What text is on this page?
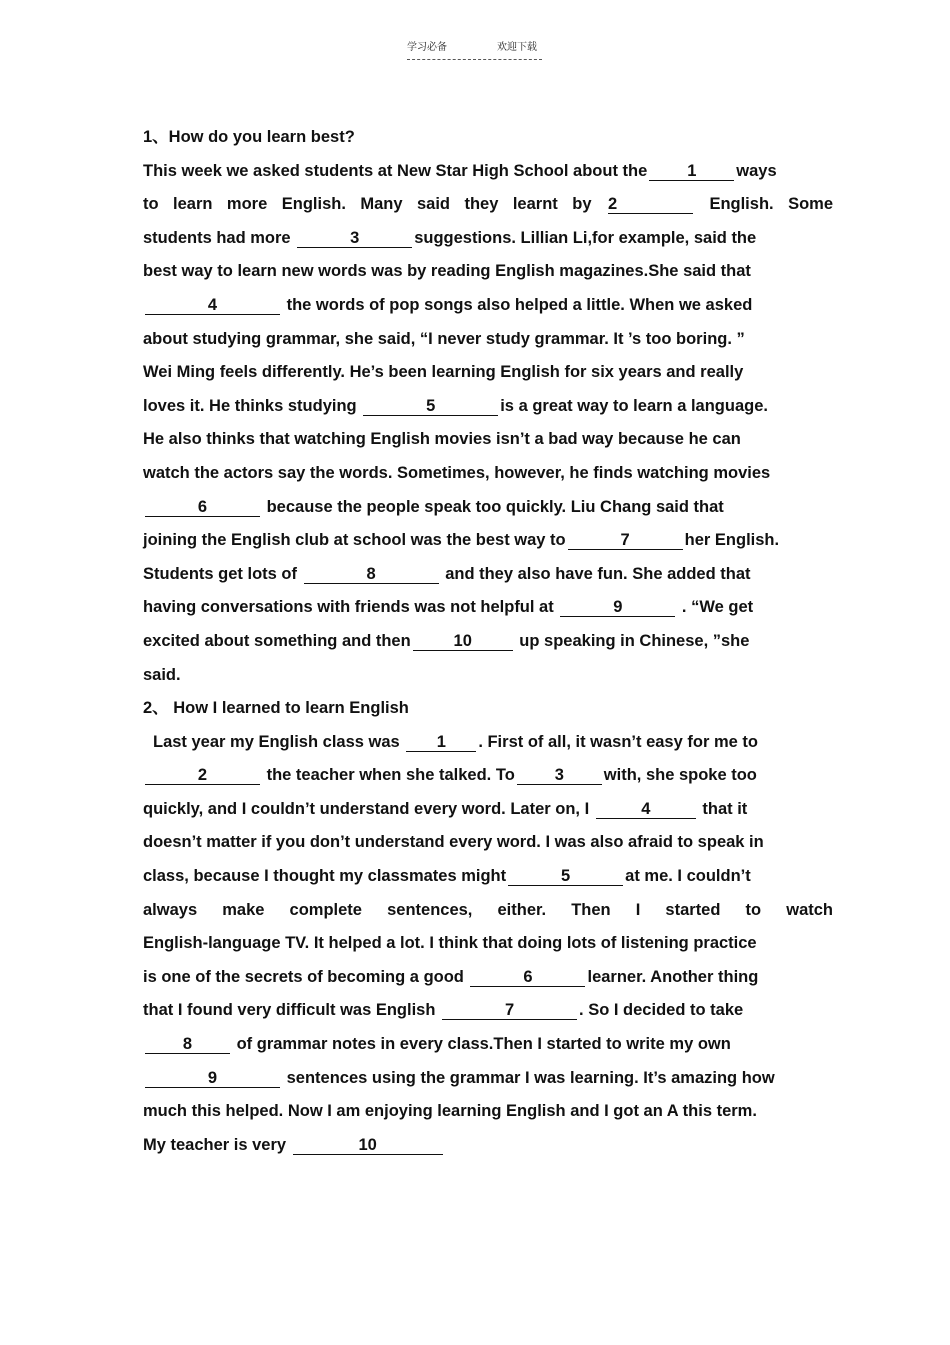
学习必备	欢迎下载
1、How do you learn best?
This week we asked students at New Star High School about the 1 ways
to learn more English. Many said they learnt by 2	English. Some
students had more	3	suggestions. Lillian Li,for example, said the
best way to learn new words was by reading English magazines.She said that
4	the words of pop songs also helped a little. When we asked
about studying grammar, she said, “I never study grammar. It ’s too boring. ”
Wei Ming feels differently. He’s been learning English for six years and really
loves it. He thinks studying	5	is a great way to learn a language.
He also thinks that watching English movies isn’t a bad way because he can
watch the actors say the words. Sometimes, however, he finds watching movies
6	because the people speak too quickly. Liu Chang said that
joining the English club at school was the best way to	7	her English.
Students get lots of	8	and they also have fun. She added that
having conversations with friends was not helpful at	9	. “We get
excited about something and then	10	up speaking in Chinese, ”she
said.
2、 How I learned to learn English
Last year my English class was 1 . First of all, it wasn’t easy for me to
2	the teacher when she talked. To 3 with, she spoke too
quickly, and I couldn’t understand every word. Later on, I	4	that it
doesn’t matter if you don’t understand every word. I was also afraid to speak in
class, because I thought my classmates might	5	at me. I couldn’t
always make complete sentences, either. Then I started to watch
English-language TV. It helped a lot. I think that doing lots of listening practice
is one of the secrets of becoming a good	6	learner. Another thing
that I found very difficult was English	7	. So I decided to take
8	of grammar notes in every class.Then I started to write my own
9	sentences using the grammar I was learning. It’s amazing how
much this helped. Now I am enjoying learning English and I got an A this term.
My teacher is very	10
